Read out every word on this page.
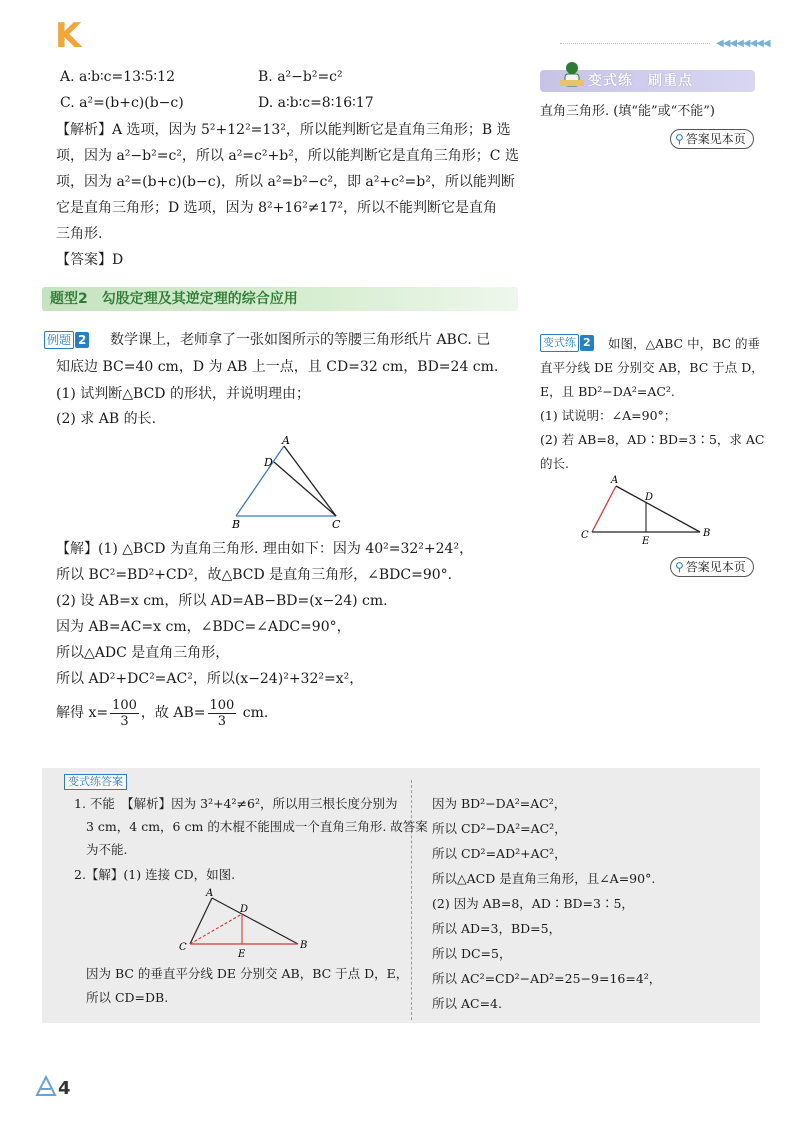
K	◀◀◀◀◀◀◀◀
A. a∶b∶c=13∶5∶12	B. a²−b²=c²
C. a²=(b+c)(b−c)	D. a∶b∶c=8∶16∶17
【解析】A 选项，因为 5²+12²=13²，所以能判断它是直角三角形；B 选
项，因为 a²−b²=c²，所以 a²=c²+b²，所以能判断它是直角三角形；C 选
项，因为 a²=(b+c)(b−c)，所以 a²=b²−c²，即 a²+c²=b²，所以能判断
它是直角三角形；D 选项，因为 8²+16²≠17²，所以不能判断它是直角
三角形.
【答案】D
题型2　勾股定理及其逆定理的综合应用
例题 2 数学课上，老师拿了一张如图所示的等腰三角形纸片 ABC. 已
知底边 BC=40 cm，D 为 AB 上一点，且 CD=32 cm，BD=24 cm.
(1) 试判断△BCD 的形状，并说明理由；
(2) 求 AB 的长.
A
D
B	C
【解】(1) △BCD 为直角三角形. 理由如下：因为 40²=32²+24²，
所以 BC²=BD²+CD²，故△BCD 是直角三角形，∠BDC=90°.
(2) 设 AB=x cm，所以 AD=AB−BD=(x−24) cm.
因为 AB=AC=x cm，∠BDC=∠ADC=90°，
所以△ADC 是直角三角形，
所以 AD²+DC²=AC²，所以(x−24)²+32²=x²，
解得 $x= \frac{100}{3}$ ，故 $AB= \frac{100}{3}$ cm.
变式练　刷重点
直角三角形. (填“能”或“不能”)
⚲ 答案见本页
变式练 2 如图，△ABC 中，BC 的垂
直平分线 DE 分别交 AB，BC 于点 D，
E，且 BD²−DA²=AC².
(1) 试说明：∠A=90°；
(2) 若 AB=8，AD∶BD=3∶5，求 AC
的长.
A
D
C
E
B
⚲ 答案见本页
变式练答案
1. 不能　【解析】因为 3²+4²≠6²，所以用三根长度分别为
3 cm，4 cm，6 cm 的木棍不能围成一个直角三角形. 故答案
为不能.
2.【解】(1) 连接 CD，如图.
A
D
C
E
B
因为 BC 的垂直平分线 DE 分别交 AB，BC 于点 D，E，
所以 CD=DB.
因为 BD²−DA²=AC²，
所以 CD²−DA²=AC²，
所以 CD²=AD²+AC²，
所以△ACD 是直角三角形，且∠A=90°.
(2) 因为 AB=8，AD∶BD=3∶5，
所以 AD=3，BD=5，
所以 DC=5，
所以 AC²=CD²−AD²=25−9=16=4²，
所以 AC=4.
4
